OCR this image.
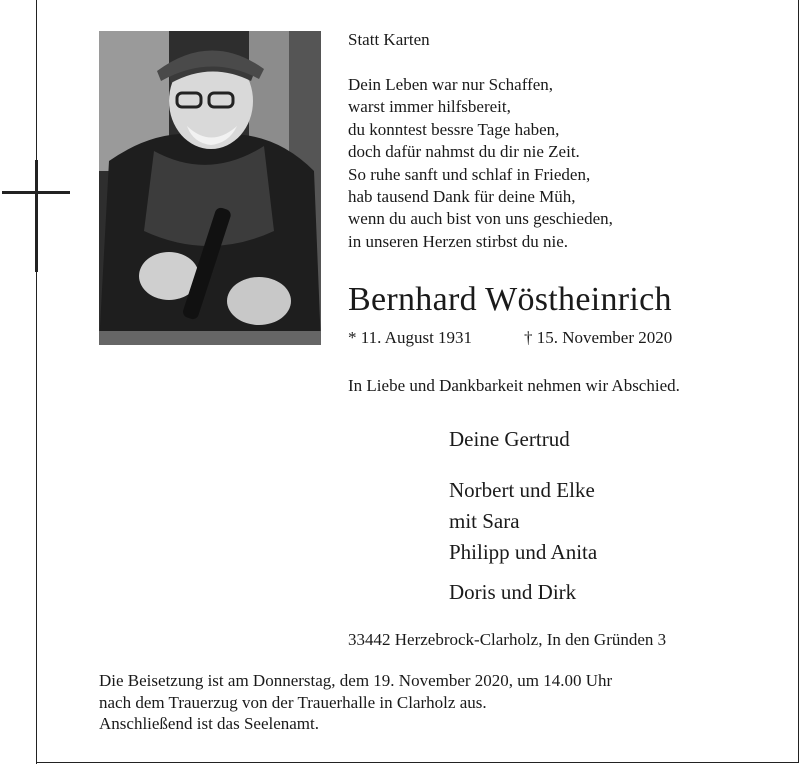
Statt Karten
Dein Leben war nur Schaffen,
warst immer hilfsbereit,
du konntest bessre Tage haben,
doch dafür nahmst du dir nie Zeit.
So ruhe sanft und schlaf in Frieden,
hab tausend Dank für deine Müh,
wenn du auch bist von uns geschieden,
in unseren Herzen stirbst du nie.
Bernhard Wöstheinrich
* 11. August 1931	† 15. November 2020
In Liebe und Dankbarkeit nehmen wir Abschied.
Deine Gertrud
Norbert und Elke
mit Sara
Philipp und Anita
Doris und Dirk
33442 Herzebrock-Clarholz, In den Gründen 3
Die Beisetzung ist am Donnerstag, dem 19. November 2020, um 14.00 Uhr
nach dem Trauerzug von der Trauerhalle in Clarholz aus.
Anschließend ist das Seelenamt.
